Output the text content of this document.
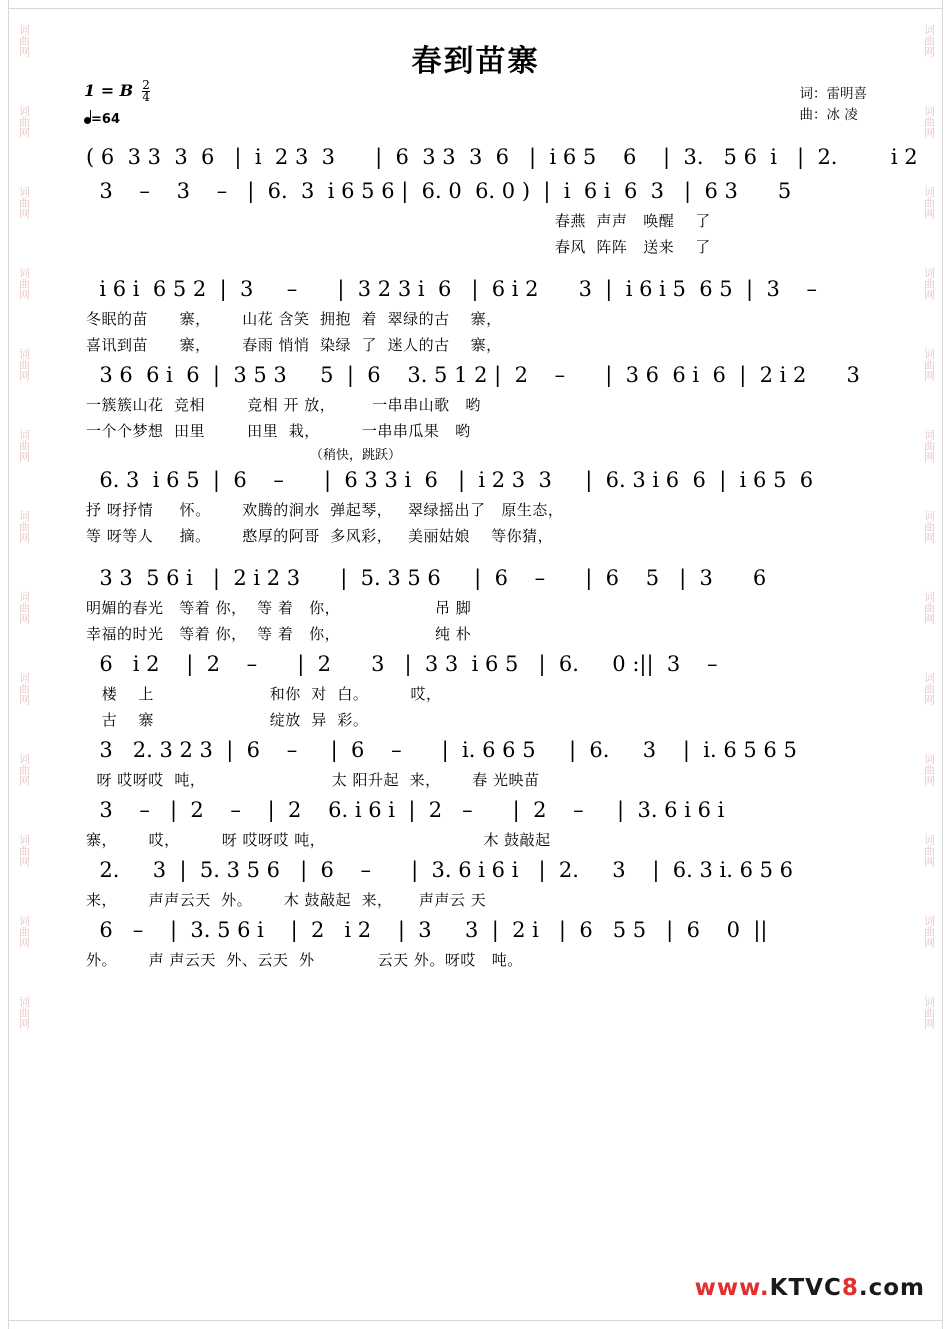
词曲网
词曲网
词曲网
词曲网
词曲网
词曲网
词曲网
词曲网
词曲网
词曲网
词曲网
词曲网
词曲网
词曲网
词曲网
词曲网
词曲网
词曲网
词曲网
词曲网
词曲网
词曲网
词曲网
词曲网
词曲网
词曲网
春到苗寨
1 = B $\frac{2}{4}$
=64
词：雷明喜
曲：冰 凌
( 6  3 3  3  6   |  i  2 3  3      |  6  3 3  3  6   |  i 6 5    6    |  3.   5 6  i   |  2.        i 2
3    –    3    –   |  6.  3  i 6 5 6 |  6. 0  6. 0 )  |  i  6 i  6  3   |  6 3      5
春燕  声声   唤醒    了
春风  阵阵   送来    了
i 6 i  6 5 2  |  3     –      |  3 2 3 i  6   |  6 i 2      3  |  i 6 i 5  6 5  |  3    –
冬眠的苗      寨，      山花 含笑  拥抱  着  翠绿的古    寨，
喜讯到苗      寨，      春雨 悄悄  染绿  了  迷人的古    寨，
3 6  6 i  6  |  3 5 3     5  |  6    3. 5 1 2 |  2    –      |  3 6  6 i  6  |  2 i 2      3
一簇簇山花  竞相        竞相 开 放，       一串串山歌   哟
一个个梦想  田里        田里  栽，        一串串瓜果   哟
（稍快，跳跃）
6. 3  i 6 5  |  6    –      |  6 3 3 i  6   |  i 2 3  3     |  6. 3 i 6  6  |  i 6 5  6
抒 呀抒情     怀。      欢腾的涧水  弹起琴，   翠绿摇出了   原生态，
等 呀等人     摘。      憨厚的阿哥  多风彩，   美丽姑娘    等你猜，
3 3  5 6 i   |  2 i 2 3      |  5. 3 5 6     |  6    –      |  6    5   |  3      6
明媚的春光   等着 你，  等 着   你，                  吊 脚
幸福的时光   等着 你，  等 着   你，                  纯 朴
6   i 2    |  2    –      |  2      3   |  3 3  i 6 5   |  6.     0 :||  3    –
楼    上                      和你  对  白。        哎，
古    寨                      绽放  异  彩。
3   2. 3 2 3  |  6    –     |  6    –      |  i. 6 6 5     |  6.     3    |  i. 6 5 6 5
呀 哎呀哎  吨，                        太 阳升起  来，      春 光映苗
3    –   |  2    –    |  2    6. i 6 i  |  2   –      |  2    –     |  3. 6 i 6 i
寨，      哎，        呀 哎呀哎 吨，                              木 鼓敲起
2.     3  |  5. 3 5 6   |  6    –      |  3. 6 i 6 i   |  2.     3    |  6. 3 i. 6 5 6
来，      声声云天  外。      木 鼓敲起  来，     声声云 天
6   –    |  3. 5 6 i    |  2   i 2    |  3     3  |  2 i   |  6   5 5   |  6    0  ||
外。      声 声云天  外、云天  外            云天 外。呀哎   吨。
www.KTVC8.com
